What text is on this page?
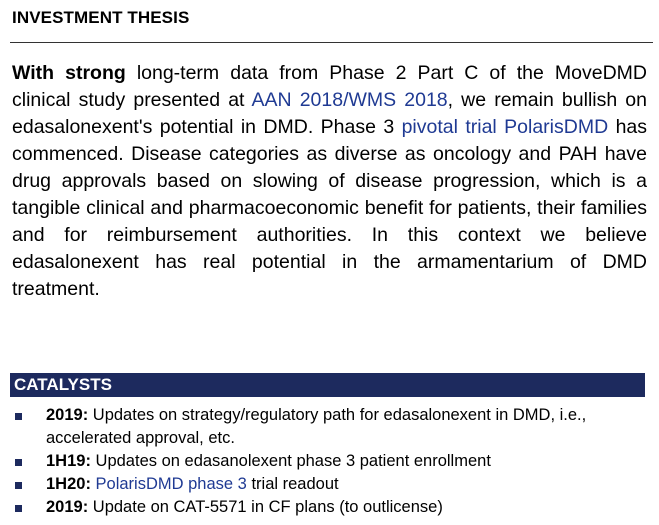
INVESTMENT THESIS
With strong long-term data from Phase 2 Part C of the MoveDMD clinical study presented at AAN 2018/WMS 2018, we remain bullish on edasalonexent's potential in DMD. Phase 3 pivotal trial PolarisDMD has commenced. Disease categories as diverse as oncology and PAH have drug approvals based on slowing of disease progression, which is a tangible clinical and pharmacoeconomic benefit for patients, their families and for reimbursement authorities. In this context we believe edasalonexent has real potential in the armamentarium of DMD treatment.
CATALYSTS
2019: Updates on strategy/regulatory path for edasalonexent in DMD, i.e., accelerated approval, etc.
1H19: Updates on edasanolexent phase 3 patient enrollment
1H20: PolarisDMD phase 3 trial readout
2019: Update on CAT-5571 in CF plans (to outlicense)
